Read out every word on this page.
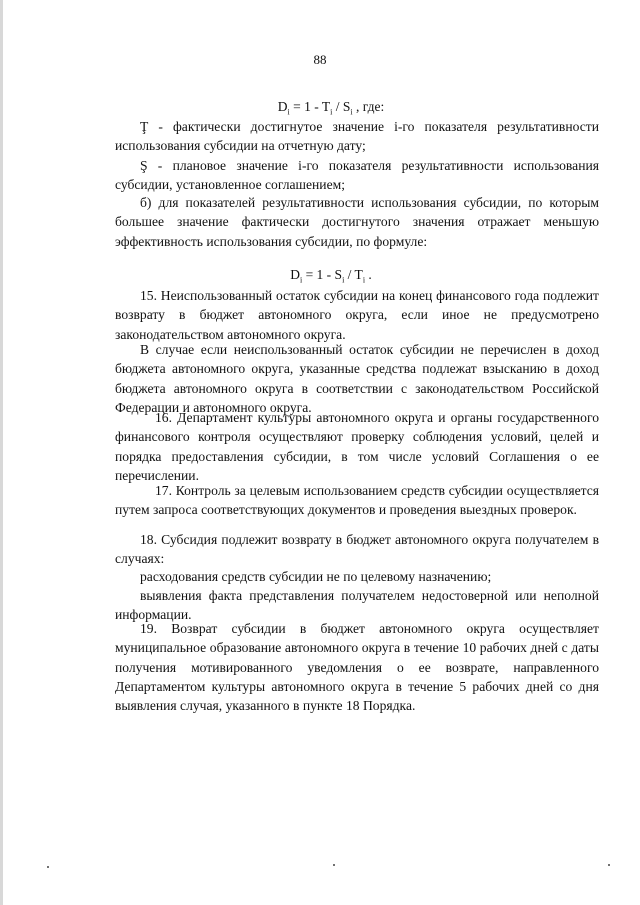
88
$D_i = 1 - T_i / S_i$ , где:

Ţ - фактически достигнутое значение i-го показателя результативности использования субсидии на отчетную дату;

Ş - плановое значение i-го показателя результативности использования субсидии, установленное соглашением;

б) для показателей результативности использования субсидии, по которым большее значение фактически достигнутого значения отражает меньшую эффективность использования субсидии, по формуле:

$D_i = 1 - S_i / T_i$ .

15. Неиспользованный остаток субсидии на конец финансового года подлежит возврату в бюджет автономного округа, если иное не предусмотрено законодательством автономного округа.

В случае если неиспользованный остаток субсидии не перечислен в доход бюджета автономного округа, указанные средства подлежат взысканию в доход бюджета автономного округа в соответствии с законодательством Российской Федерации и автономного округа.

16. Департамент культуры автономного округа и органы государственного финансового контроля осуществляют проверку соблюдения условий, целей и порядка предоставления субсидии, в том числе условий Соглашения о ее перечислении.

17. Контроль за целевым использованием средств субсидии осуществляется путем запроса соответствующих документов и проведения выездных проверок.

18. Субсидия подлежит возврату в бюджет автономного округа получателем в случаях:

расходования средств субсидии не по целевому назначению;

выявления факта представления получателем недостоверной или неполной информации.

19. Возврат субсидии в бюджет автономного округа осуществляет муниципальное образование автономного округа в течение 10 рабочих дней с даты получения мотивированного уведомления о ее возврате, направленного Департаментом культуры автономного округа в течение 5 рабочих дней со дня выявления случая, указанного в пункте 18 Порядка.
